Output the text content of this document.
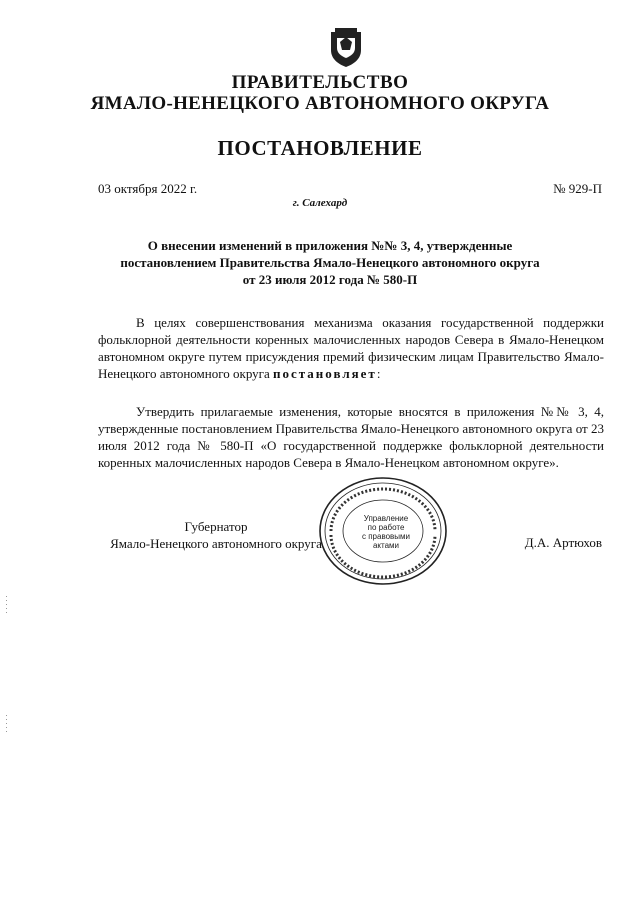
ПРАВИТЕЛЬСТВО
ЯМАЛО-НЕНЕЦКОГО АВТОНОМНОГО ОКРУГА
ПОСТАНОВЛЕНИЕ
03 октября 2022 г.	№ 929-П
г. Салехард
О внесении изменений в приложения №№ 3, 4, утвержденные
постановлением Правительства Ямало-Ненецкого автономного округа
от 23 июля 2012 года № 580-П

В целях совершенствования механизма оказания государственной поддержки фольклорной деятельности коренных малочисленных народов Севера в Ямало-Ненецком автономном округе путем присуждения премий физическим лицам Правительство Ямало-Ненецкого автономного округа постановляет:

Утвердить прилагаемые изменения, которые вносятся в приложения №№ 3, 4, утвержденные постановлением Правительства Ямало-Ненецкого автономного округа от 23 июля 2012 года № 580-П «О государственной поддержке фольклорной деятельности коренных малочисленных народов Севера в Ямало-Ненецком автономном округе».

Губернатор
Ямало-Ненецкого автономного округа	Д.А. Артюхов
Управление
по работе
с правовыми
актами
